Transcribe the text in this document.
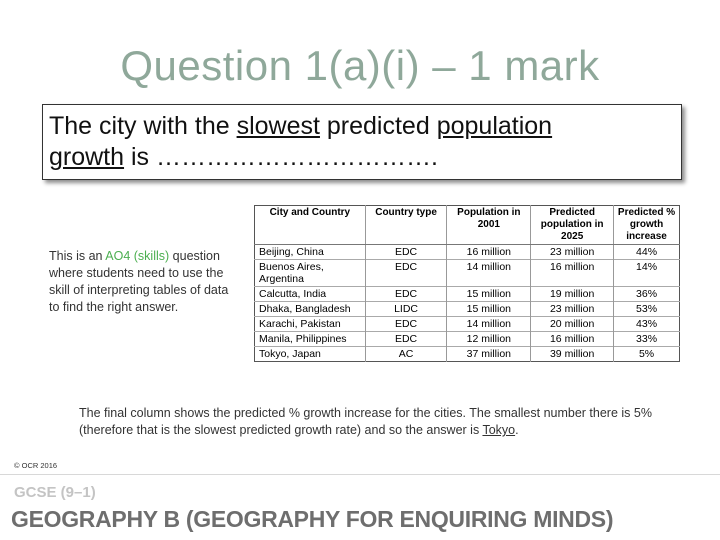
Question 1(a)(i) – 1 mark
The city with the slowest predicted population
growth is …………………………….
This is an AO4 (skills) question where students need to use the skill of interpreting tables of data to find the right answer.
City and Country	Country type	Population in 2001	Predicted population in 2025	Predicted % growth increase
Beijing, China	EDC	16 million	23 million	44%
Buenos Aires, Argentina	EDC	14 million	16 million	14%
Calcutta, India	EDC	15 million	19 million	36%
Dhaka, Bangladesh	LIDC	15 million	23 million	53%
Karachi, Pakistan	EDC	14 million	20 million	43%
Manila, Philippines	EDC	12 million	16 million	33%
Tokyo, Japan	AC	37 million	39 million	5%
The final column shows the predicted % growth increase for the cities. The smallest number there is 5% (therefore that is the slowest predicted growth rate) and so the answer is Tokyo.
© OCR 2016
GCSE (9–1)
GEOGRAPHY B (GEOGRAPHY FOR ENQUIRING MINDS)
